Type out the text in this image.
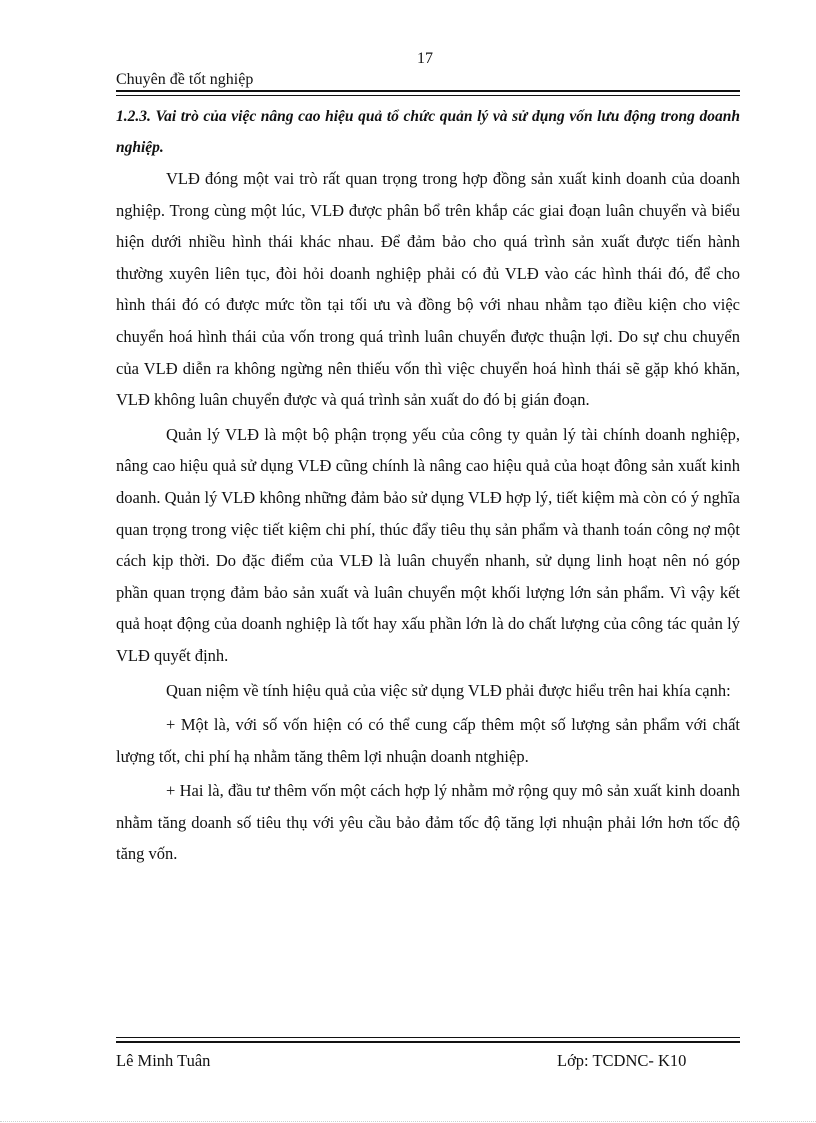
17
Chuyên đề tốt nghiệp

1.2.3. Vai trò của việc nâng cao hiệu quả tổ chức quản lý và sử dụng vốn lưu động trong doanh nghiệp.

VLĐ đóng một vai trò rất quan trọng trong hợp đồng sản xuất kinh doanh của doanh nghiệp. Trong cùng một lúc, VLĐ được phân bổ trên khắp các giai đoạn luân chuyển và biểu hiện dưới nhiều hình thái khác nhau. Để đảm bảo cho quá trình sản xuất được tiến hành thường xuyên liên tục, đòi hỏi doanh nghiệp phải có đủ VLĐ vào các hình thái đó, để cho hình thái đó có được mức tồn tại tối ưu và đồng bộ với nhau nhằm tạo điều kiện cho việc chuyển hoá hình thái của vốn trong quá trình luân chuyển được thuận lợi. Do sự chu chuyển của VLĐ diễn ra không ngừng nên thiếu vốn thì việc chuyển hoá hình thái sẽ gặp khó khăn, VLĐ không luân chuyển được và quá trình sản xuất do đó bị gián đoạn.

Quản lý VLĐ là một bộ phận trọng yếu của công ty quản lý tài chính doanh nghiệp, nâng cao hiệu quả sử dụng VLĐ cũng chính là nâng cao hiệu quả của hoạt đông sản xuất kinh doanh. Quản lý VLĐ không những đảm bảo sử dụng VLĐ hợp lý, tiết kiệm mà còn có ý nghĩa quan trọng trong việc tiết kiệm chi phí, thúc đẩy tiêu thụ sản phẩm và thanh toán công nợ một cách kịp thời. Do đặc điểm của VLĐ là luân chuyển nhanh, sử dụng linh hoạt nên nó góp phần quan trọng đảm bảo sản xuất và luân chuyển một khối lượng lớn sản phẩm. Vì vậy kết quả hoạt động của doanh nghiệp là tốt hay xấu phần lớn là do chất lượng của công tác quản lý VLĐ quyết định.

Quan niệm về tính hiệu quả của việc sử dụng VLĐ phải được hiểu trên hai khía cạnh:

+ Một là, với số vốn hiện có có thể cung cấp thêm một số lượng sản phẩm với chất lượng tốt, chi phí hạ nhằm tăng thêm lợi nhuận doanh ntghiệp.

+ Hai là, đầu tư thêm vốn một cách hợp lý nhằm mở rộng quy mô sản xuất kinh doanh nhằm tăng doanh số tiêu thụ với yêu cầu bảo đảm tốc độ tăng lợi nhuận phải lớn hơn tốc độ tăng vốn.

Lê Minh Tuân	Lớp: TCDNC- K10
